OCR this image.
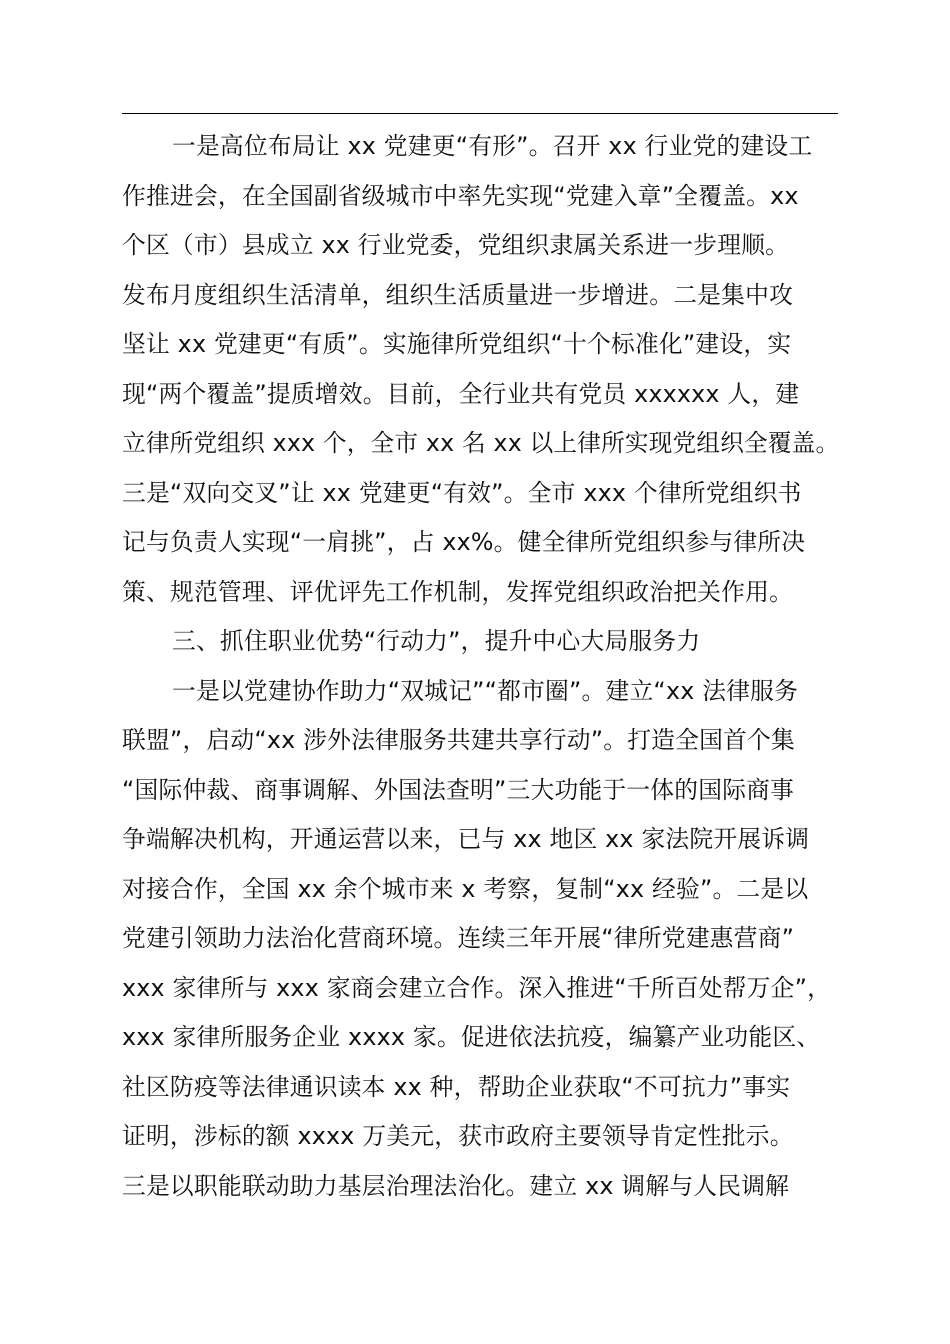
一是高位布局让 xx 党建更“有形”。召开 xx 行业党的建设工
作推进会，在全国副省级城市中率先实现“党建入章”全覆盖。xx
个区（市）县成立 xx 行业党委，党组织隶属关系进一步理顺。
发布月度组织生活清单，组织生活质量进一步增进。二是集中攻
坚让 xx 党建更“有质”。实施律所党组织“十个标准化”建设，实
现“两个覆盖”提质增效。目前，全行业共有党员 xxxxxx 人，建
立律所党组织 xxx 个，全市 xx 名 xx 以上律所实现党组织全覆盖。
三是“双向交叉”让 xx 党建更“有效”。全市 xxx 个律所党组织书
记与负责人实现“一肩挑”，占 xx%。健全律所党组织参与律所决
策、规范管理、评优评先工作机制，发挥党组织政治把关作用。
三、抓住职业优势“行动力”，提升中心大局服务力
一是以党建协作助力“双城记”“都市圈”。建立“xx 法律服务
联盟”，启动“xx 涉外法律服务共建共享行动”。打造全国首个集
“国际仲裁、商事调解、外国法查明”三大功能于一体的国际商事
争端解决机构，开通运营以来，已与 xx 地区 xx 家法院开展诉调
对接合作，全国 xx 余个城市来 x 考察，复制“xx 经验”。二是以
党建引领助力法治化营商环境。连续三年开展“律所党建惠营商”
xxx 家律所与 xxx 家商会建立合作。深入推进“千所百处帮万企”，
xxx 家律所服务企业 xxxx 家。促进依法抗疫，编纂产业功能区、
社区防疫等法律通识读本 xx 种，帮助企业获取“不可抗力”事实
证明，涉标的额 xxxx 万美元，获市政府主要领导肯定性批示。
三是以职能联动助力基层治理法治化。建立 xx 调解与人民调解
